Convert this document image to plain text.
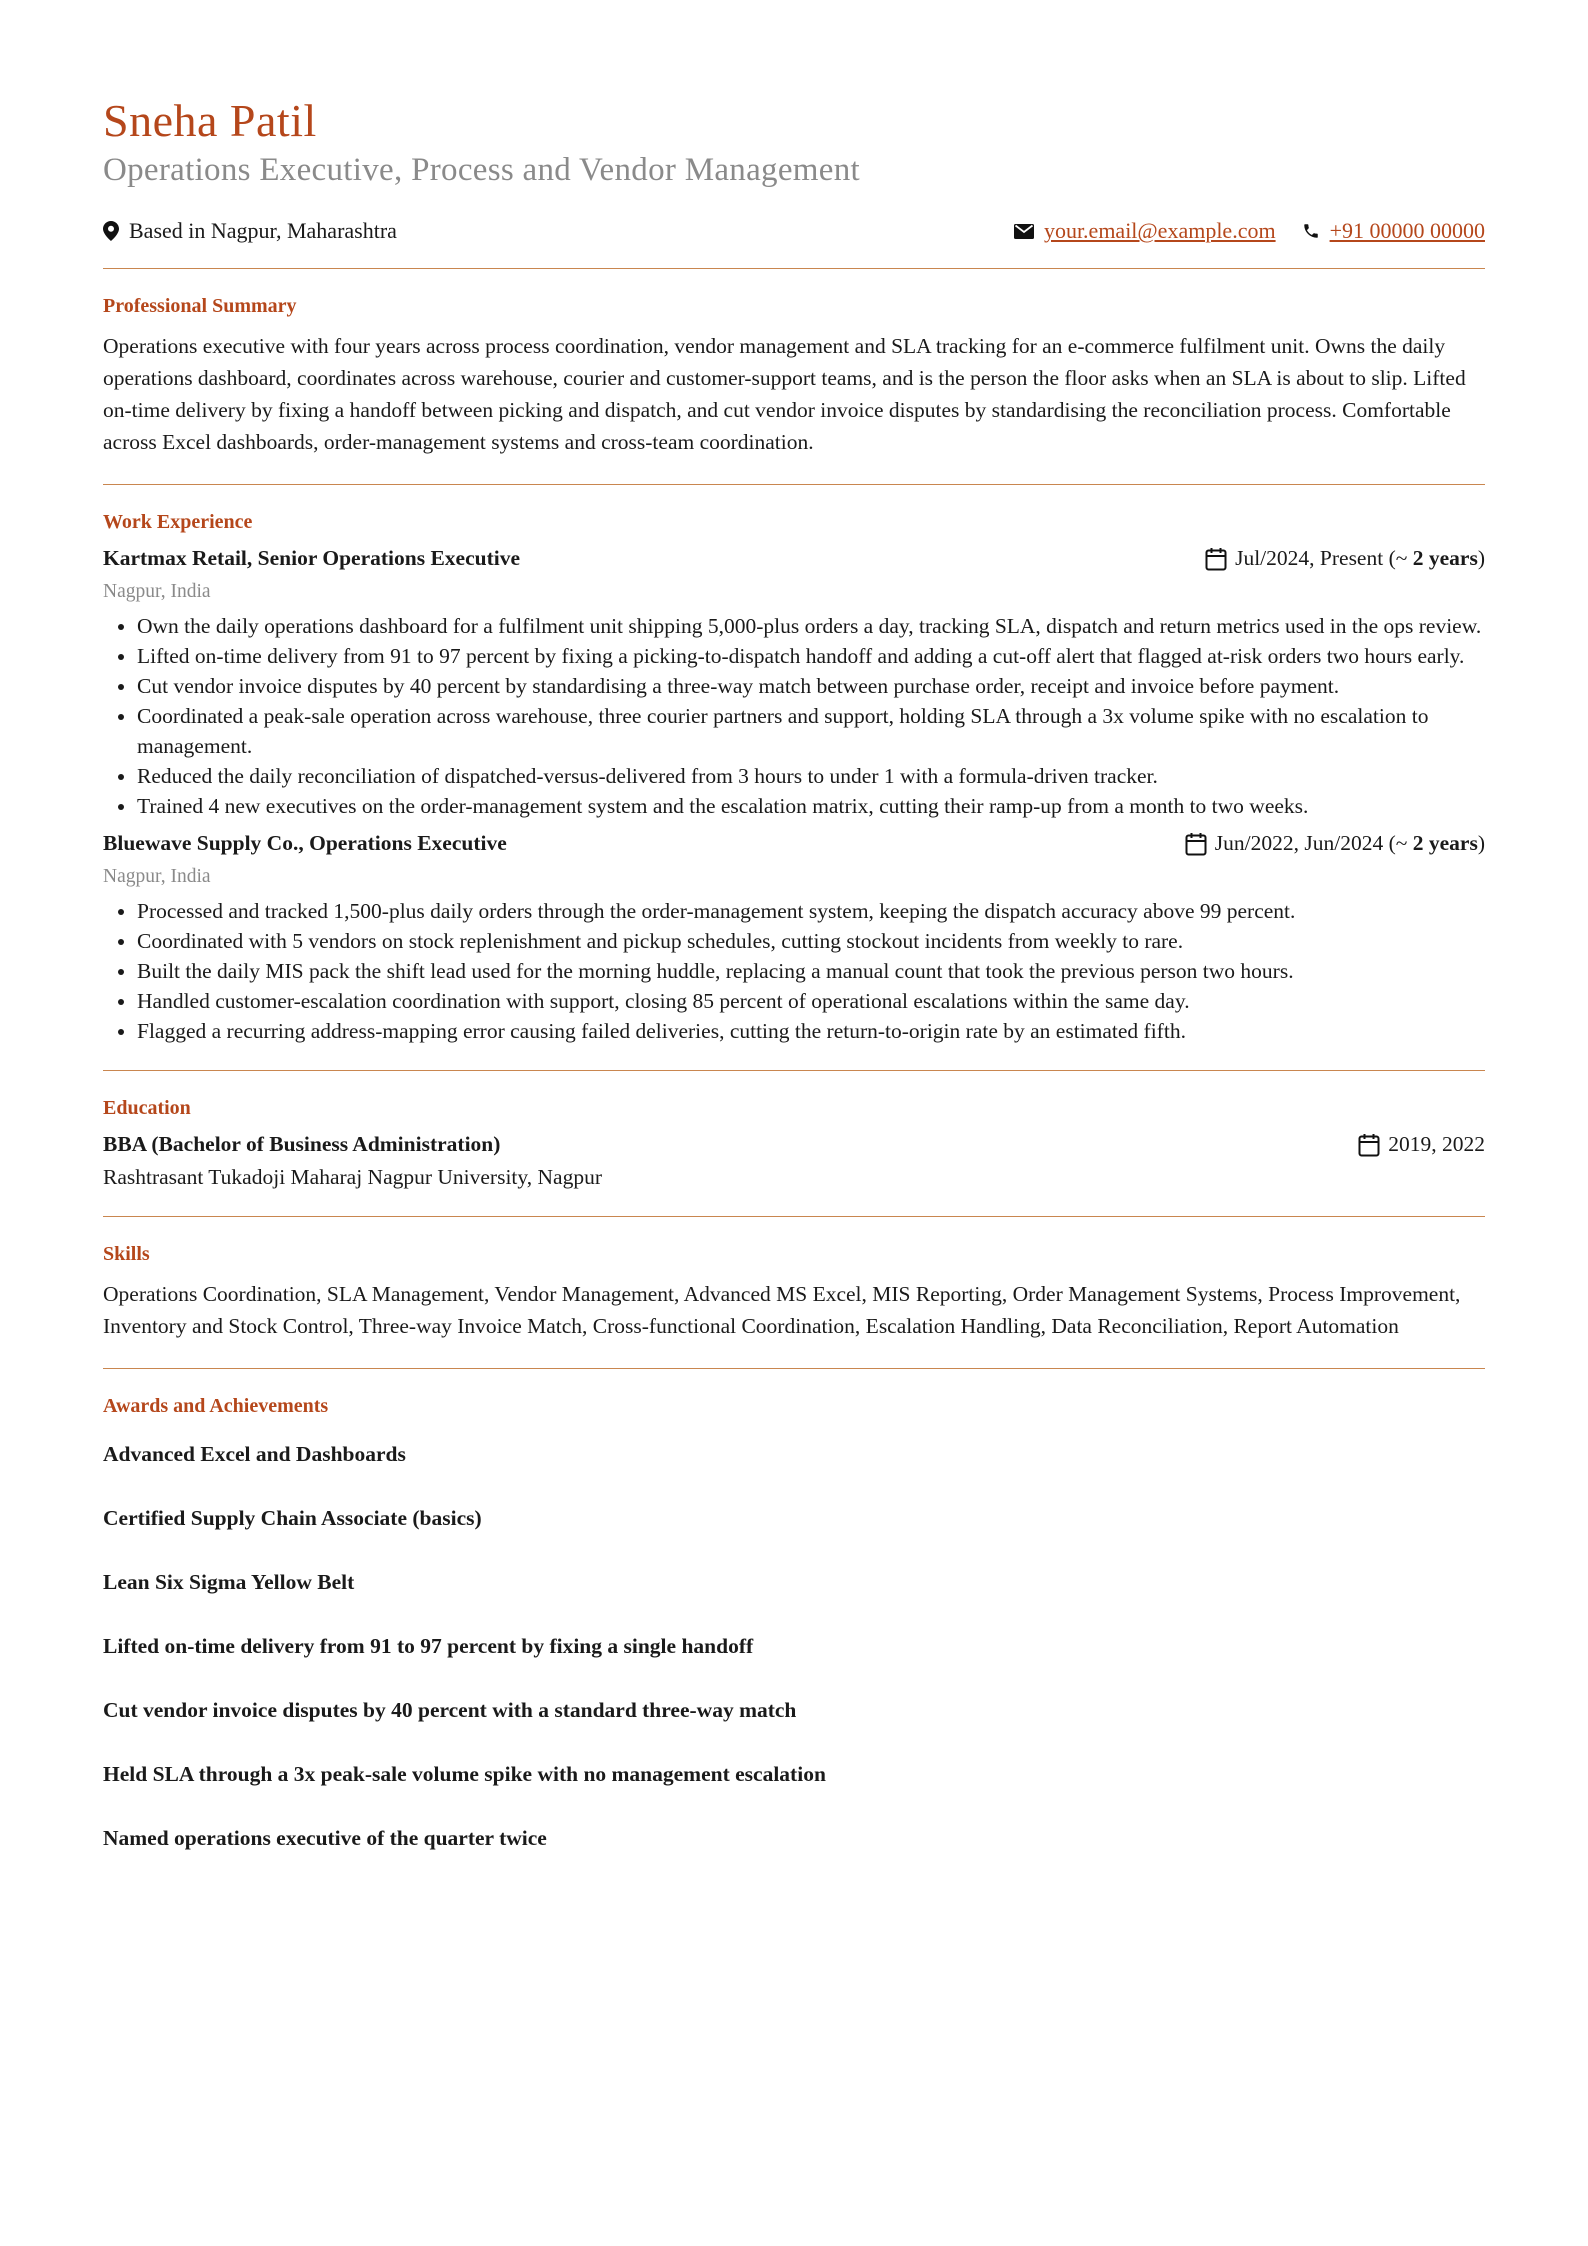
Sneha Patil
Operations Executive, Process and Vendor Management
Based in Nagpur, Maharashtra	your.email@example.com +91 00000 00000
Professional Summary

Operations executive with four years across process coordination, vendor management and SLA tracking for an e-commerce fulfilment unit. Owns the daily operations dashboard, coordinates across warehouse, courier and customer-support teams, and is the person the floor asks when an SLA is about to slip. Lifted on-time delivery by fixing a handoff between picking and dispatch, and cut vendor invoice disputes by standardising the reconciliation process. Comfortable across Excel dashboards, order-management systems and cross-team coordination.

Work Experience
Kartmax Retail, Senior Operations Executive	Jul/2024, Present (~ 2 years)
Nagpur, India
• Own the daily operations dashboard for a fulfilment unit shipping 5,000-plus orders a day, tracking SLA, dispatch and return metrics used in the ops review.
• Lifted on-time delivery from 91 to 97 percent by fixing a picking-to-dispatch handoff and adding a cut-off alert that flagged at-risk orders two hours early.
• Cut vendor invoice disputes by 40 percent by standardising a three-way match between purchase order, receipt and invoice before payment.
• Coordinated a peak-sale operation across warehouse, three courier partners and support, holding SLA through a 3x volume spike with no escalation to management.
• Reduced the daily reconciliation of dispatched-versus-delivered from 3 hours to under 1 with a formula-driven tracker.
• Trained 4 new executives on the order-management system and the escalation matrix, cutting their ramp-up from a month to two weeks.
Bluewave Supply Co., Operations Executive	Jun/2022, Jun/2024 (~ 2 years)
Nagpur, India
• Processed and tracked 1,500-plus daily orders through the order-management system, keeping the dispatch accuracy above 99 percent.
• Coordinated with 5 vendors on stock replenishment and pickup schedules, cutting stockout incidents from weekly to rare.
• Built the daily MIS pack the shift lead used for the morning huddle, replacing a manual count that took the previous person two hours.
• Handled customer-escalation coordination with support, closing 85 percent of operational escalations within the same day.
• Flagged a recurring address-mapping error causing failed deliveries, cutting the return-to-origin rate by an estimated fifth.
Education
BBA (Bachelor of Business Administration)	2019, 2022
Rashtrasant Tukadoji Maharaj Nagpur University, Nagpur
Skills

Operations Coordination, SLA Management, Vendor Management, Advanced MS Excel, MIS Reporting, Order Management Systems, Process Improvement, Inventory and Stock Control, Three-way Invoice Match, Cross-functional Coordination, Escalation Handling, Data Reconciliation, Report Automation

Awards and Achievements
Advanced Excel and Dashboards
Certified Supply Chain Associate (basics)
Lean Six Sigma Yellow Belt
Lifted on-time delivery from 91 to 97 percent by fixing a single handoff
Cut vendor invoice disputes by 40 percent with a standard three-way match
Held SLA through a 3x peak-sale volume spike with no management escalation
Named operations executive of the quarter twice
